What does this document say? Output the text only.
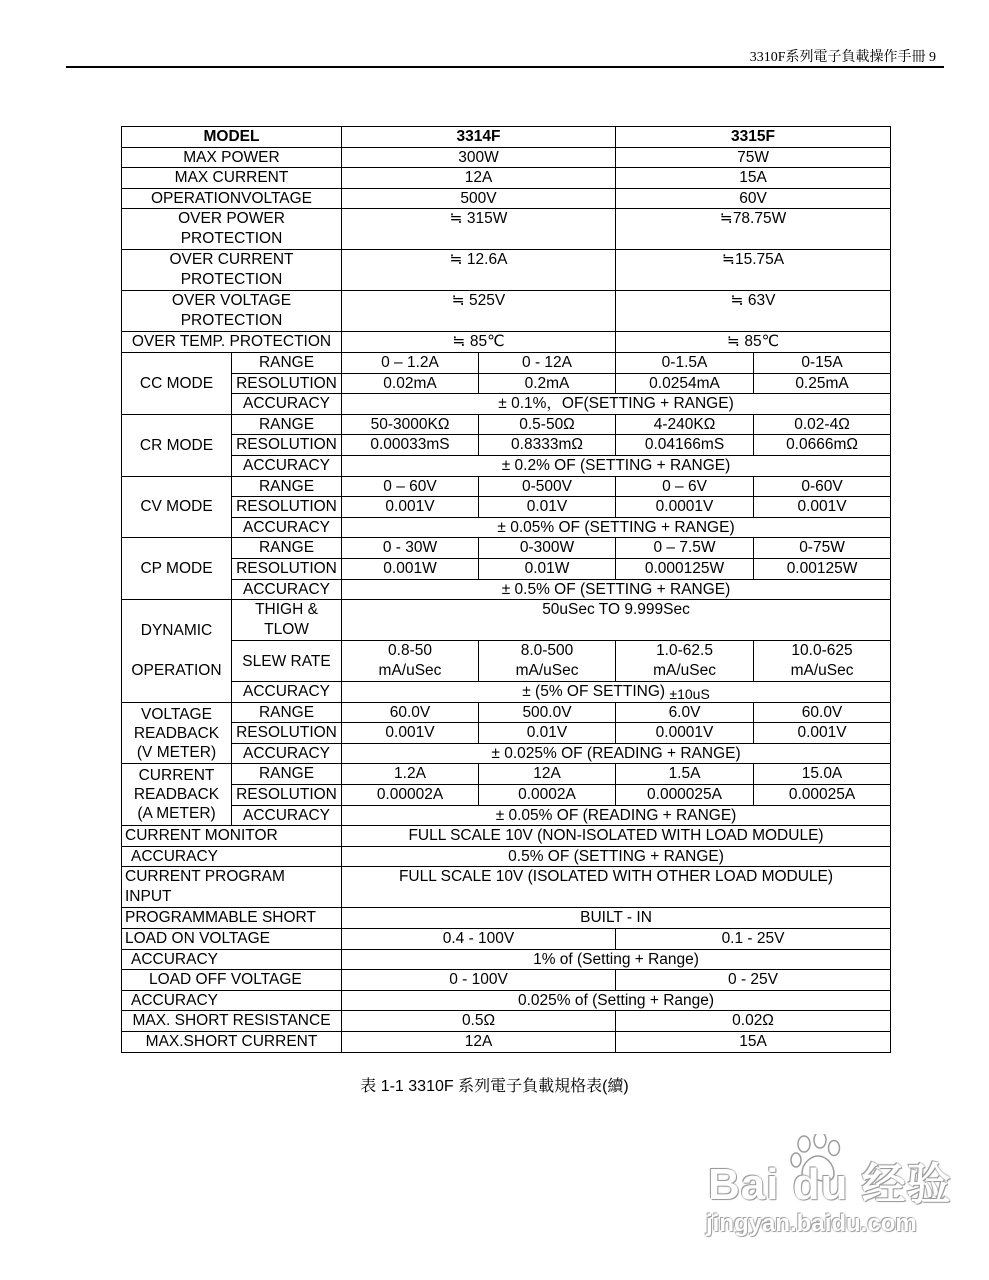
3310F系列電子負載操作手冊 9
MODEL		3314F		3315F	
MAX POWER		300W		75W	
MAX CURRENT		12A		15A	
OPERATIONVOLTAGE		500V		60V	
OVER POWER PROTECTION		≒ 315W		≒78.75W	
OVER CURRENT PROTECTION		≒ 12.6A		≒15.75A	
OVER VOLTAGE PROTECTION		≒ 525V		≒ 63V	
OVER TEMP. PROTECTION		≒ 85℃		≒ 85℃	
CC MODE	RANGE	0 – 1.2A	0 - 12A	0-1.5A	0-15A
	RESOLUTION	0.02mA	0.2mA	0.0254mA	0.25mA
	ACCURACY	± 0.1%，OF(SETTING + RANGE)			
CR MODE	RANGE	50-3000KΩ	0.5-50Ω	4-240KΩ	0.02-4Ω
	RESOLUTION	0.00033mS	0.8333mΩ	0.04166mS	0.0666mΩ
	ACCURACY	± 0.2% OF (SETTING + RANGE)			
CV MODE	RANGE	0 – 60V	0-500V	0 – 6V	0-60V
	RESOLUTION	0.001V	0.01V	0.0001V	0.001V
	ACCURACY	± 0.05% OF (SETTING + RANGE)			
CP MODE	RANGE	0 - 30W	0-300W	0 – 7.5W	0-75W
	RESOLUTION	0.001W	0.01W	0.000125W	0.00125W
	ACCURACY	± 0.5% OF (SETTING + RANGE)			

DYNAMIC
OPERATION	THIGH & TLOW	50uSec TO 9.999Sec			
	SLEW RATE	0.8-50 mA/uSec	8.0-500 mA/uSec	1.0-62.5 mA/uSec	10.0-625 mA/uSec
	ACCURACY	± (5% OF SETTING) ±10uS			

VOLTAGE
READBACK
(V METER)	RANGE	60.0V	500.0V	6.0V	60.0V
	RESOLUTION	0.001V	0.01V	0.0001V	0.001V
	ACCURACY	± 0.025% OF (READING + RANGE)			

CURRENT
READBACK
(A METER)	RANGE	1.2A	12A	1.5A	15.0A
	RESOLUTION	0.00002A	0.0002A	0.000025A	0.00025A
	ACCURACY	± 0.05% OF (READING + RANGE)			
CURRENT MONITOR		FULL SCALE 10V (NON-ISOLATED WITH LOAD MODULE)			
ACCURACY		0.5% OF (SETTING + RANGE)			
CURRENT PROGRAM INPUT		FULL SCALE 10V (ISOLATED WITH OTHER LOAD MODULE)			
PROGRAMMABLE SHORT		BUILT - IN			
LOAD ON VOLTAGE		0.4 - 100V		0.1 - 25V	
ACCURACY		1% of (Setting + Range)			
LOAD OFF VOLTAGE		0 - 100V		0 - 25V	
ACCURACY		0.025% of (Setting + Range)			
MAX. SHORT RESISTANCE		0.5Ω		0.02Ω	
MAX.SHORT CURRENT		12A		15A	
表 1-1 3310F 系列電子負載規格表(續)
Bai du 经验
jingyan.baidu.com
